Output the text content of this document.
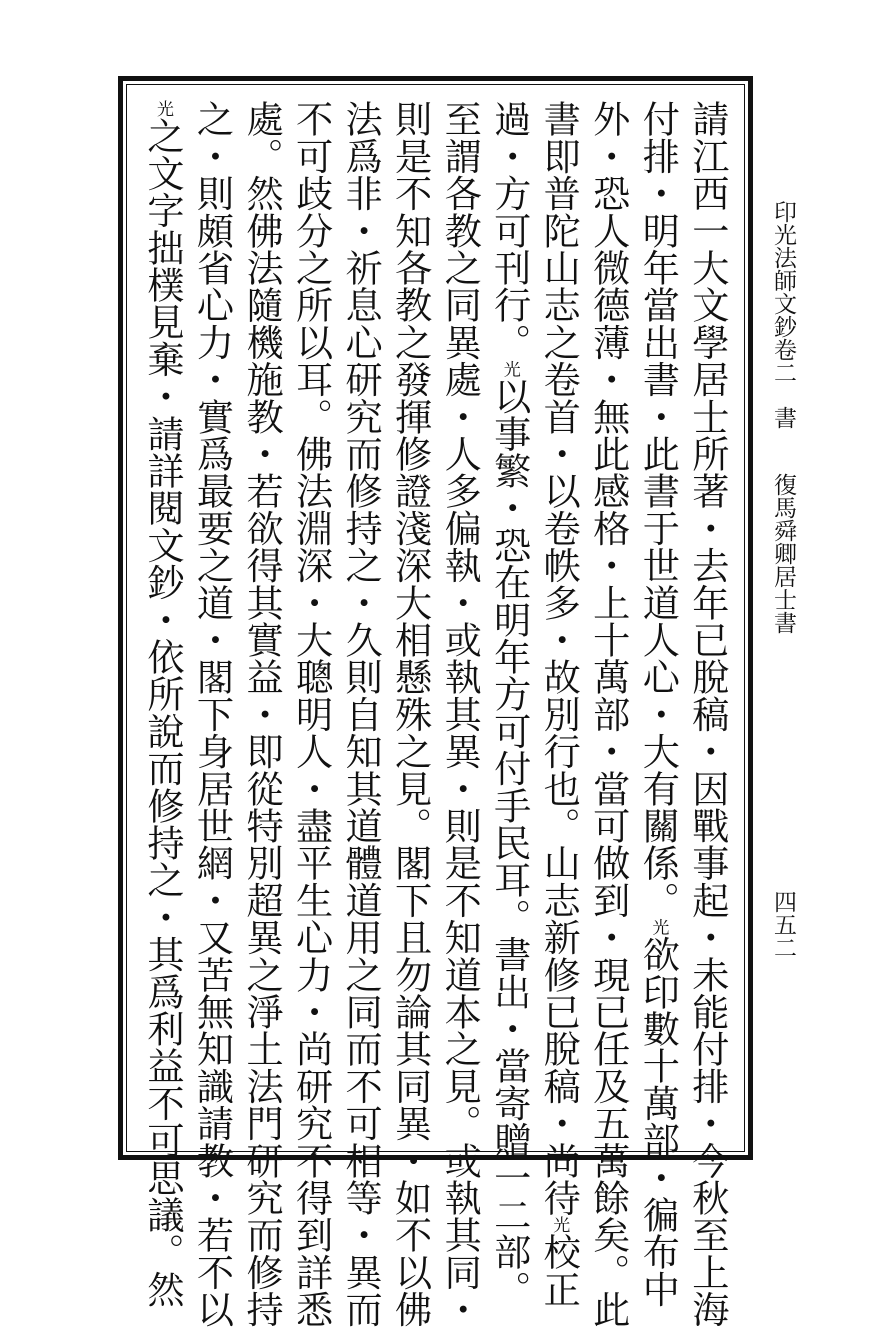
印光法師文鈔卷二書復馬舜卿居士書
四五二
請江西一大文學居士所著・去年已脫稿・因戰事起・未能付排・今秋至上海
付排・明年當出書・此書于世道人心・大有關係。光欲印數十萬部・徧布中
外・恐人微德薄・無此感格・上十萬部・當可做到・現已任及五萬餘矣。此
書即普陀山志之卷首・以卷帙多・故別行也。山志新修已脫稿・尚待光校正
過・方可刊行。光以事繁・恐在明年方可付手民耳。書出・當寄贈一二部。
至謂各教之同異處・人多偏執・或執其異・則是不知道本之見。或執其同・
則是不知各教之發揮修證淺深大相懸殊之見。閣下且勿論其同異・如不以佛
法爲非・祈息心研究而修持之・久則自知其道體道用之同而不可相等・異而
不可歧分之所以耳。佛法淵深・大聰明人・盡平生心力・尚研究不得到詳悉
處。然佛法隨機施教・若欲得其實益・即從特別超異之淨土法門研究而修持
之・則頗省心力・實爲最要之道・閣下身居世網・又苦無知識請教・若不以
光之文字拙樸見棄・請詳閱文鈔・依所說而修持之・其爲利益不可思議。然
